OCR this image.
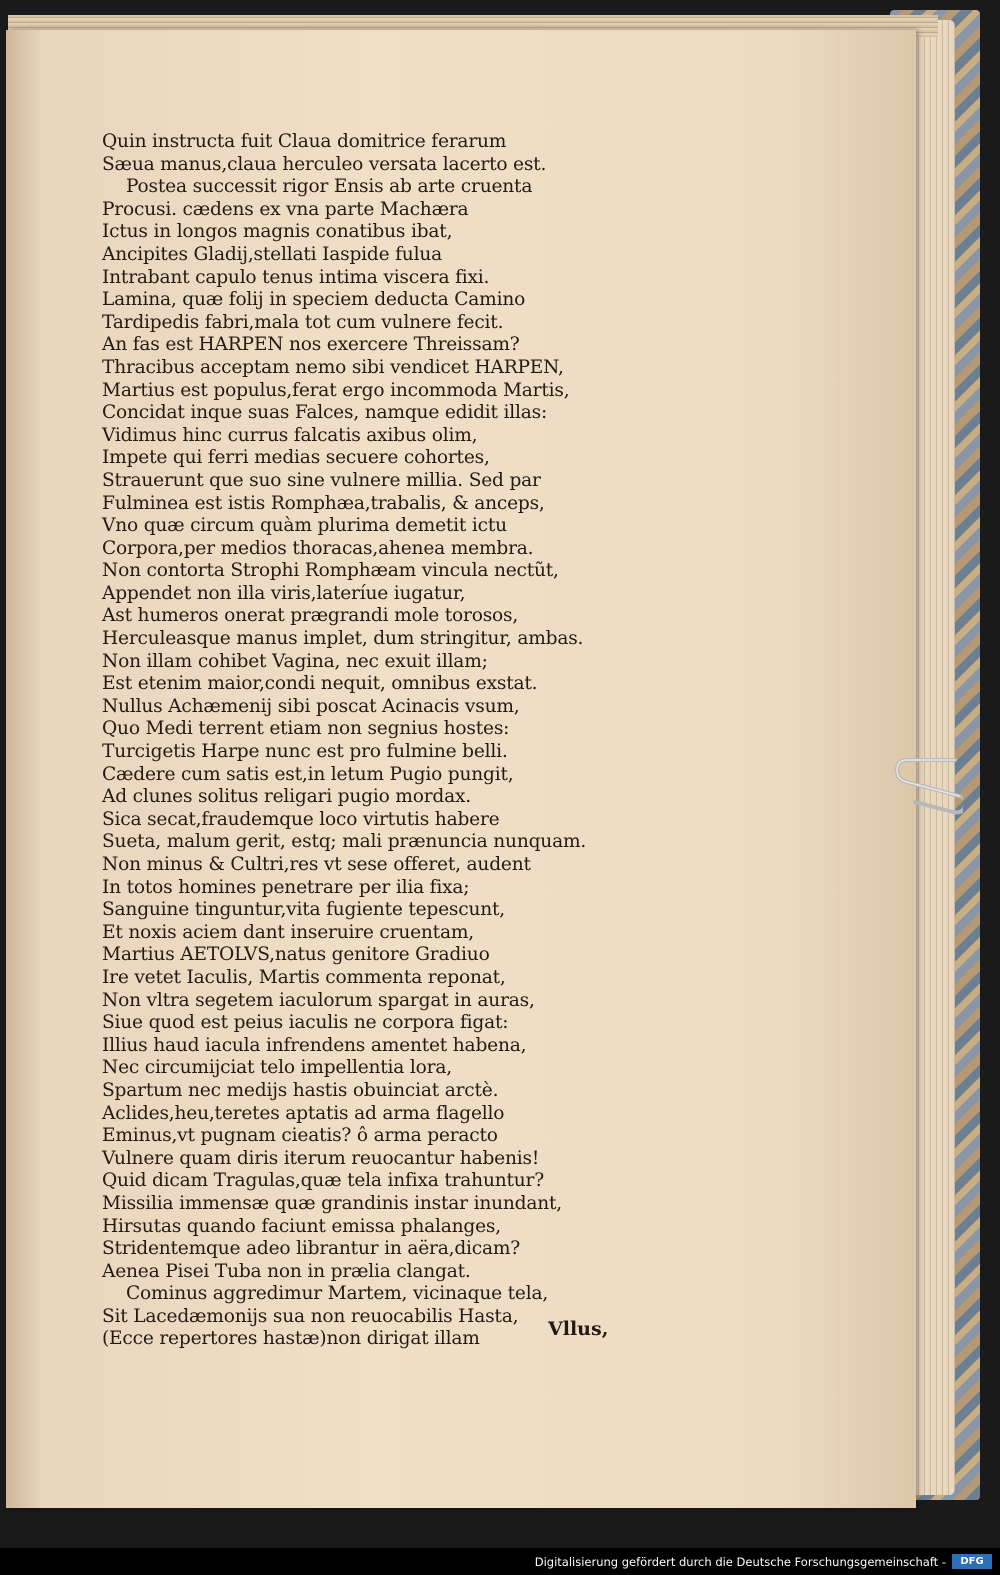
Quin instructa fuit Claua domitrice ferarum
Sæua manus,claua herculeo versata lacerto est.
Postea successit rigor Ensis ab arte cruenta
Procusi. cædens ex vna parte Machæra
Ictus in longos magnis conatibus ibat,
Ancipites Gladij,stellati Iaspide fulua
Intrabant capulo tenus intima viscera fixi.
Lamina, quæ folij in speciem deducta Camino
Tardipedis fabri,mala tot cum vulnere fecit.
An fas est HARPEN nos exercere Threissam?
Thracibus acceptam nemo sibi vendicet HARPEN,
Martius est populus,ferat ergo incommoda Martis,
Concidat inque suas Falces, namque edidit illas:
Vidimus hinc currus falcatis axibus olim,
Impete qui ferri medias secuere cohortes,
Strauerunt que suo sine vulnere millia. Sed par
Fulminea est istis Romphæa,trabalis, & anceps,
Vno quæ circum quàm plurima demetit ictu
Corpora,per medios thoracas,ahenea membra.
Non contorta Strophi Romphæam vincula nectũt,
Appendet non illa viris,lateríue iugatur,
Ast humeros onerat prægrandi mole torosos,
Herculeasque manus implet, dum stringitur, ambas.
Non illam cohibet Vagina, nec exuit illam;
Est etenim maior,condi nequit, omnibus exstat.
Nullus Achæmenij sibi poscat Acinacis vsum,
Quo Medi terrent etiam non segnius hostes:
Turcigetis Harpe nunc est pro fulmine belli.
Cædere cum satis est,in letum Pugio pungit,
Ad clunes solitus religari pugio mordax.
Sica secat,fraudemque loco virtutis habere
Sueta, malum gerit, estq; mali prænuncia nunquam.
Non minus & Cultri,res vt sese offeret, audent
In totos homines penetrare per ilia fixa;
Sanguine tinguntur,vita fugiente tepescunt,
Et noxis aciem dant inseruire cruentam,
Martius AETOLVS,natus genitore Gradiuo
Ire vetet Iaculis, Martis commenta reponat,
Non vltra segetem iaculorum spargat in auras,
Siue quod est peius iaculis ne corpora figat:
Illius haud iacula infrendens amentet habena,
Nec circumijciat telo impellentia lora,
Spartum nec medijs hastis obuinciat arctè.
Aclides,heu,teretes aptatis ad arma flagello
Eminus,vt pugnam cieatis? ô arma peracto
Vulnere quam diris iterum reuocantur habenis!
Quid dicam Tragulas,quæ tela infixa trahuntur?
Missilia immensæ quæ grandinis instar inundant,
Hirsutas quando faciunt emissa phalanges,
Stridentemque adeo librantur in aëra,dicam?
Aenea Pisei Tuba non in prælia clangat.
Cominus aggredimur Martem, vicinaque tela,
Sit Lacedæmonijs sua non reuocabilis Hasta,
(Ecce repertores hastæ)non dirigat illam	Vllus,
Digitalisierung gefördert durch die Deutsche Forschungsgemeinschaft -	DFG
